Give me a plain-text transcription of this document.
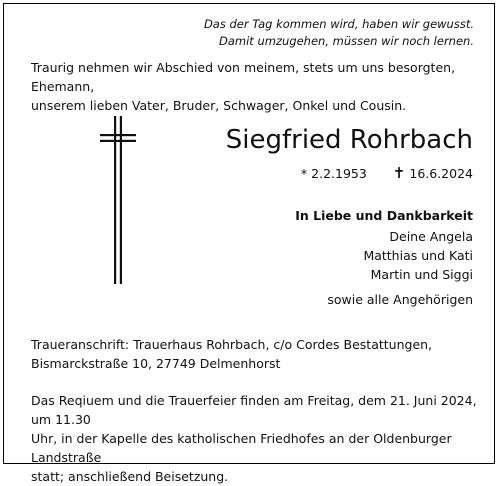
Das der Tag kommen wird, haben wir gewusst.
Damit umzugehen, müssen wir noch lernen.
Traurig nehmen wir Abschied von meinem, stets um uns besorgten, Ehemann,
unserem lieben Vater, Bruder, Schwager, Onkel und Cousin.
Siegfried Rohrbach
* 2.2.1953 ✝ 16.6.2024
In Liebe und Dankbarkeit
Deine Angela
Matthias und Kati
Martin und Siggi
sowie alle Angehörigen
Traueranschrift: Trauerhaus Rohrbach, c/o Cordes Bestattungen,
Bismarckstraße 10, 27749 Delmenhorst
Das Reqiuem und die Trauerfeier finden am Freitag, dem 21. Juni 2024, um 11.30
Uhr, in der Kapelle des katholischen Friedhofes an der Oldenburger Landstraße
statt; anschließend Beisetzung.
